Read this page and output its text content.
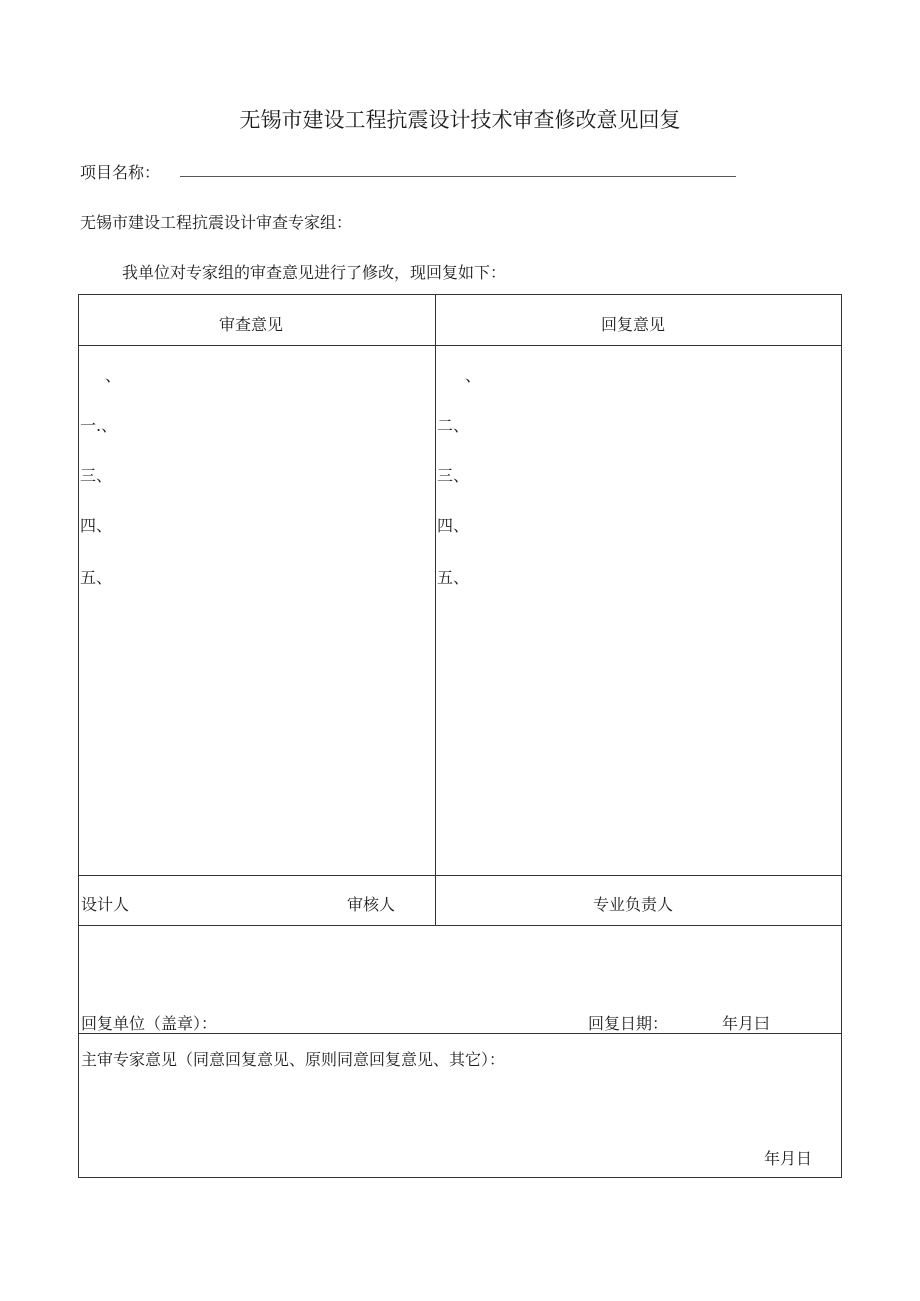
无锡市建设工程抗震设计技术审查修改意见回复
项目名称：
无锡市建设工程抗震设计审查专家组：
我单位对专家组的审查意见进行了修改，现回复如下：
审查意见	回复意见
、
一.、
三、
四、
五、
、
二、
三、
四、
五、
设计人	审核人	专业负责人
回复单位（盖章）：	回复日期：	年月曰
主审专家意见（同意回复意见、原则同意回复意见、其它）：
年月日
